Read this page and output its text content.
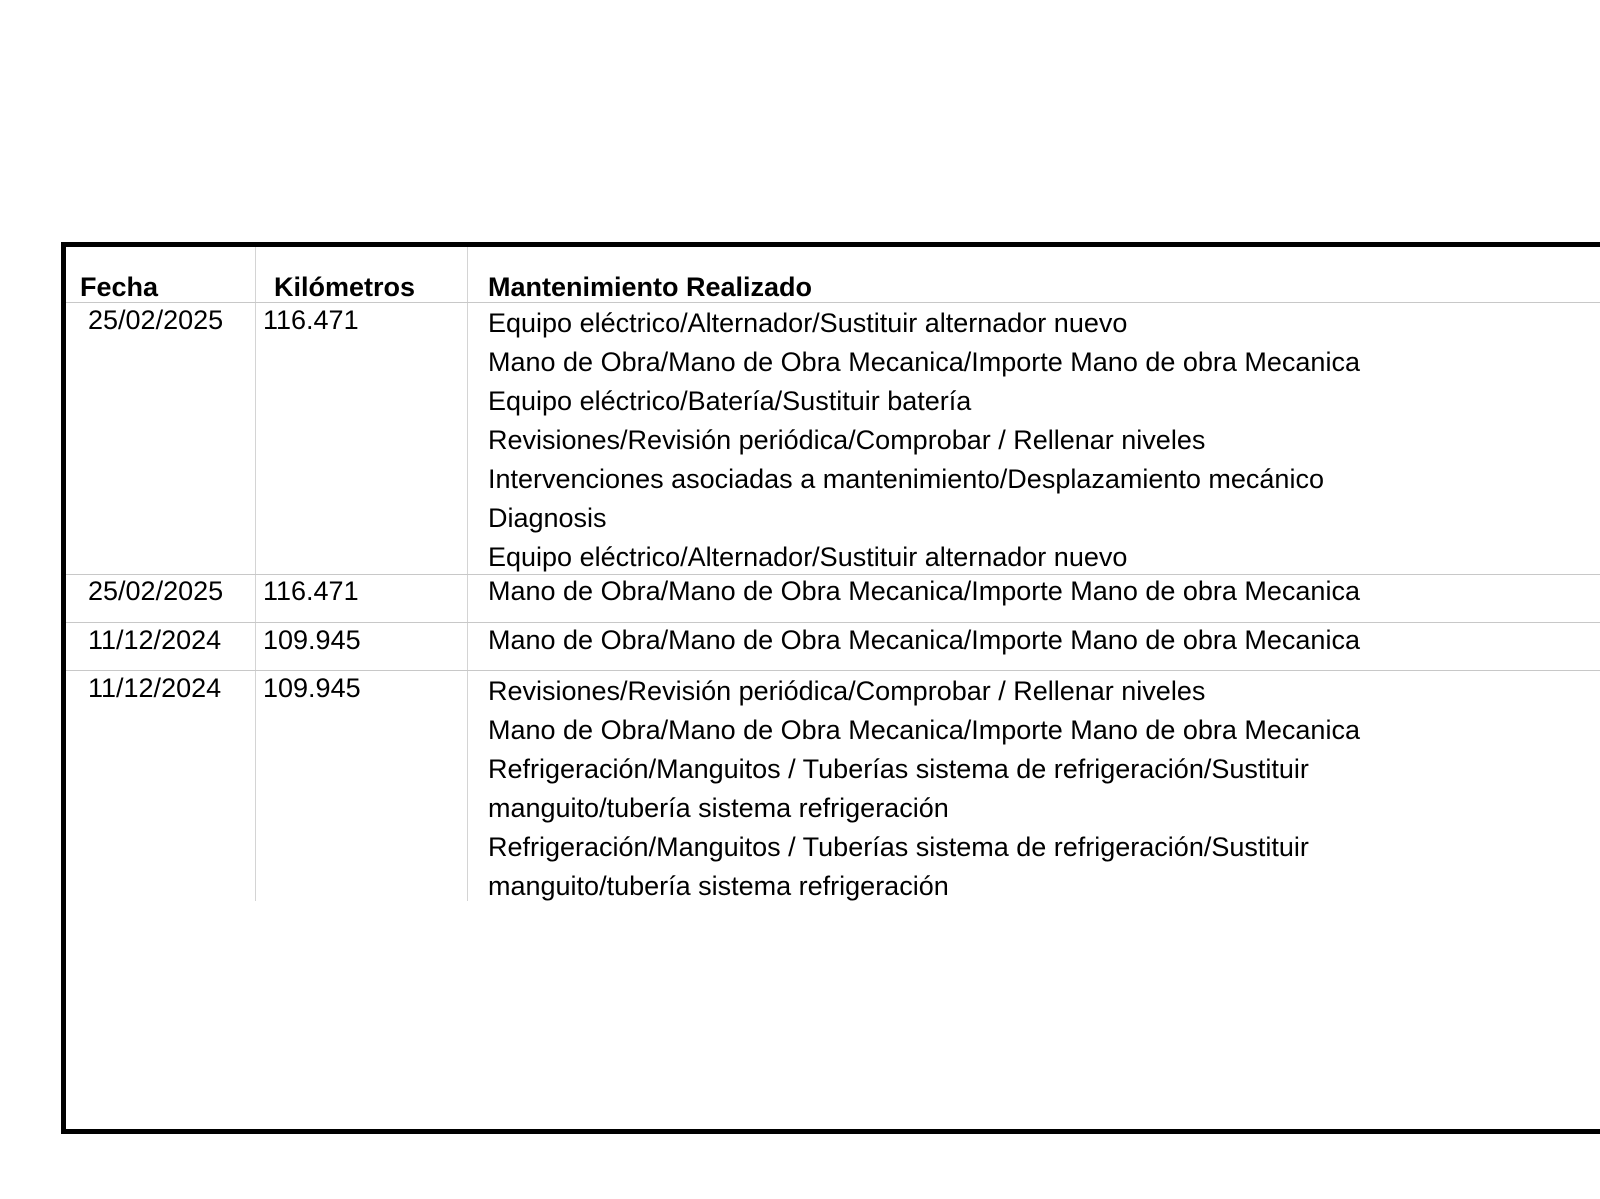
Fecha	Kilómetros	Mantenimiento Realizado
25/02/2025 116.471	Equipo eléctrico/Alternador/Sustituir alternador nuevo
Mano de Obra/Mano de Obra Mecanica/Importe Mano de obra Mecanica
Equipo eléctrico/Batería/Sustituir batería
Revisiones/Revisión periódica/Comprobar / Rellenar niveles
Intervenciones asociadas a mantenimiento/Desplazamiento mecánico
Diagnosis
Equipo eléctrico/Alternador/Sustituir alternador nuevo
25/02/2025 116.471	Mano de Obra/Mano de Obra Mecanica/Importe Mano de obra Mecanica
11/12/2024 109.945	Mano de Obra/Mano de Obra Mecanica/Importe Mano de obra Mecanica
11/12/2024 109.945	Revisiones/Revisión periódica/Comprobar / Rellenar niveles
Mano de Obra/Mano de Obra Mecanica/Importe Mano de obra Mecanica
Refrigeración/Manguitos / Tuberías sistema de refrigeración/Sustituir
manguito/tubería sistema refrigeración
Refrigeración/Manguitos / Tuberías sistema de refrigeración/Sustituir
manguito/tubería sistema refrigeración
